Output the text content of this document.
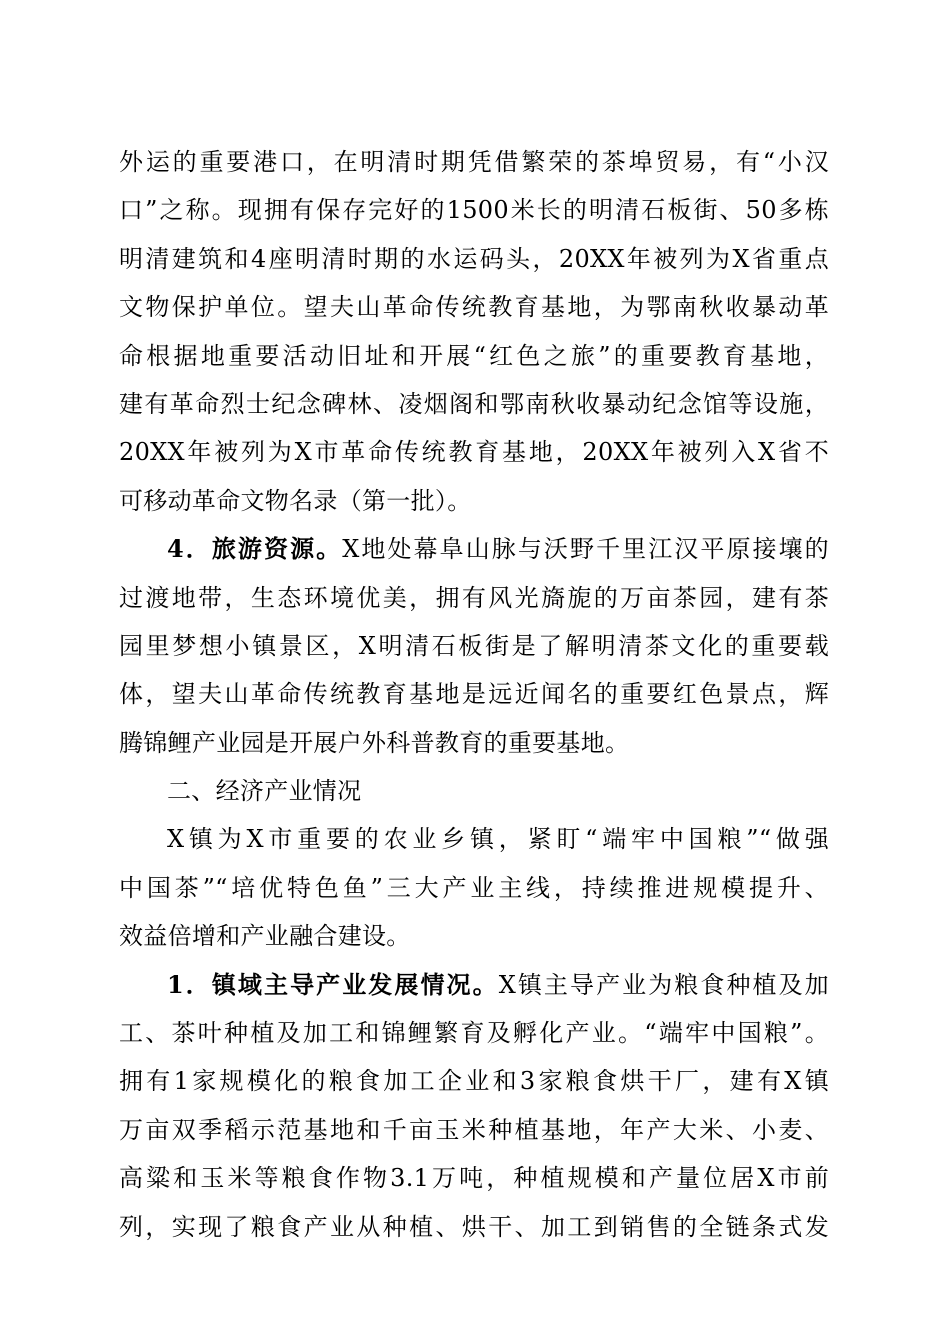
外运的重要港口，在明清时期凭借繁荣的茶埠贸易，有“小汉
口”之称。现拥有保存完好的1500米长的明清石板街、50多栋
明清建筑和4座明清时期的水运码头，20XX年被列为X省重点
文物保护单位。望夫山革命传统教育基地，为鄂南秋收暴动革
命根据地重要活动旧址和开展“红色之旅”的重要教育基地，
建有革命烈士纪念碑林、凌烟阁和鄂南秋收暴动纪念馆等设施，
20XX年被列为X市革命传统教育基地，20XX年被列入X省不
可移动革命文物名录（第一批）。
4．旅游资源。X地处幕阜山脉与沃野千里江汉平原接壤的
过渡地带，生态环境优美，拥有风光旖旎的万亩茶园，建有茶
园里梦想小镇景区，X明清石板街是了解明清茶文化的重要载
体，望夫山革命传统教育基地是远近闻名的重要红色景点，辉
腾锦鲤产业园是开展户外科普教育的重要基地。
二、经济产业情况
X镇为X市重要的农业乡镇，紧盯“端牢中国粮”“做强
中国茶”“培优特色鱼”三大产业主线，持续推进规模提升、
效益倍增和产业融合建设。
1．镇域主导产业发展情况。X镇主导产业为粮食种植及加
工、茶叶种植及加工和锦鲤繁育及孵化产业。“端牢中国粮”。
拥有1家规模化的粮食加工企业和3家粮食烘干厂，建有X镇
万亩双季稻示范基地和千亩玉米种植基地，年产大米、小麦、
高粱和玉米等粮食作物3.1万吨，种植规模和产量位居X市前
列，实现了粮食产业从种植、烘干、加工到销售的全链条式发
